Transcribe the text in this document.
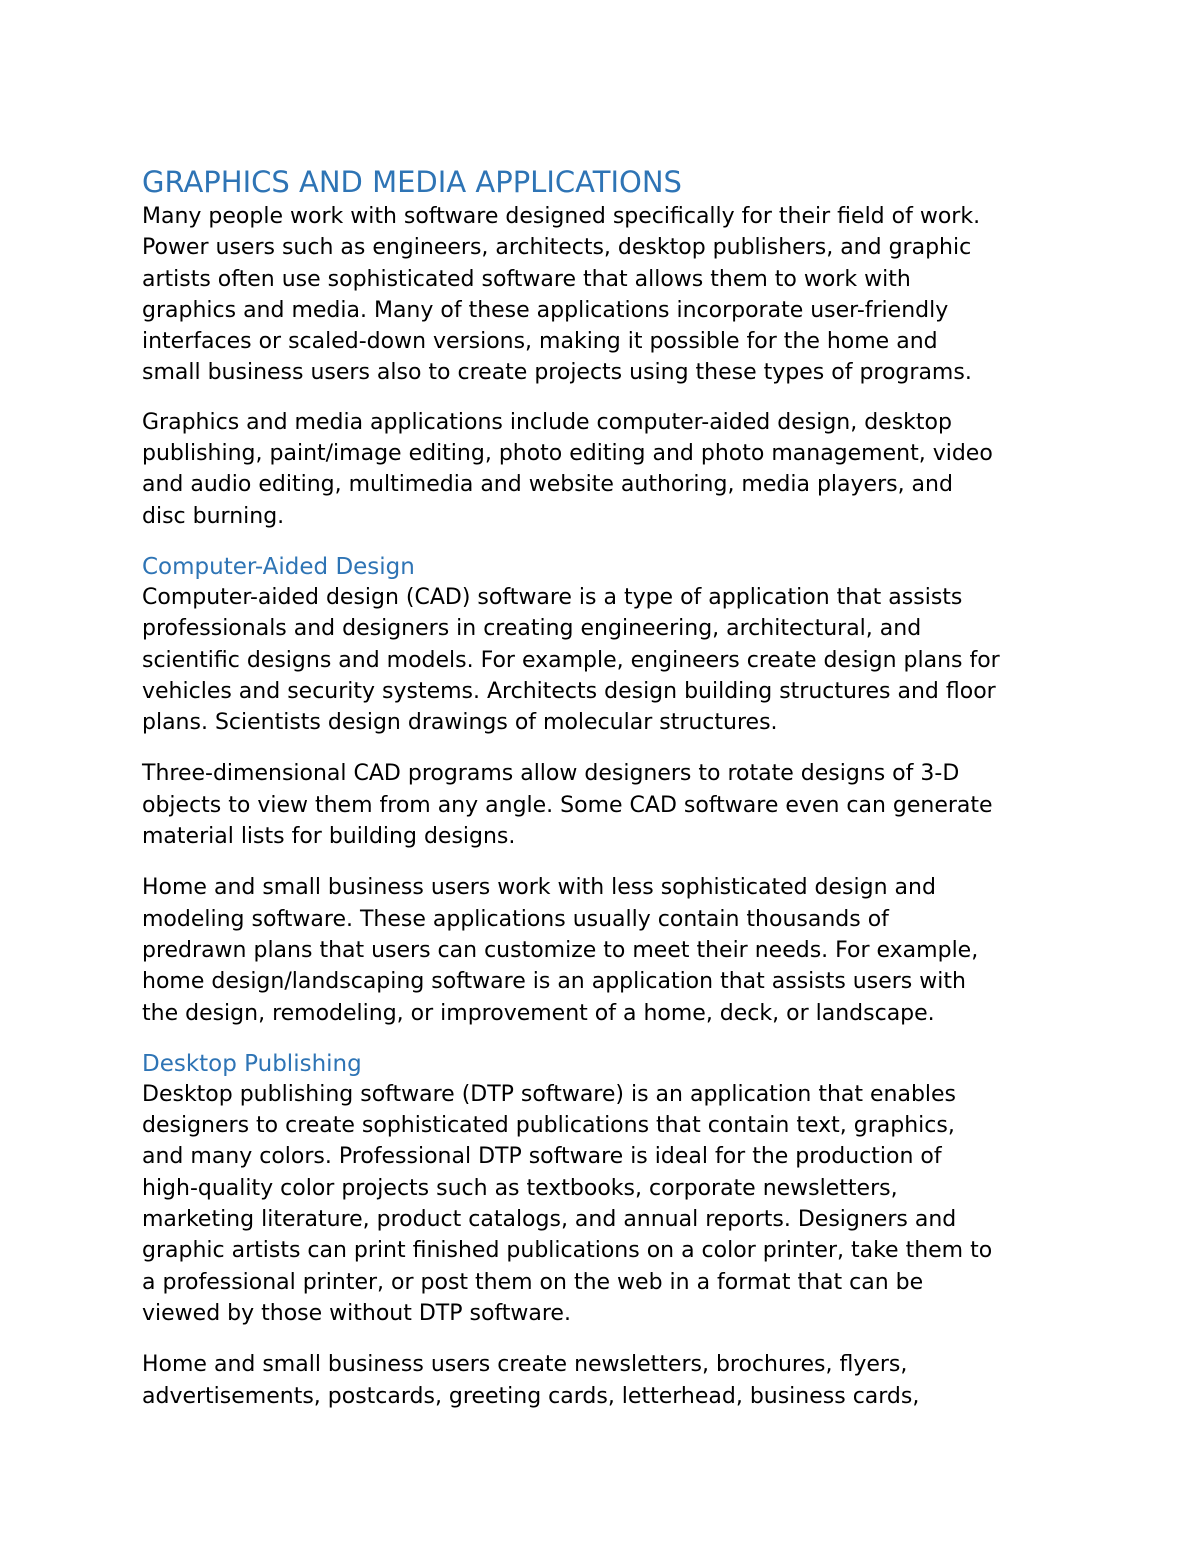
GRAPHICS AND MEDIA APPLICATIONS
Many people work with software designed specifically for their field of work.
Power users such as engineers, architects, desktop publishers, and graphic
artists often use sophisticated software that allows them to work with
graphics and media. Many of these applications incorporate user-friendly
interfaces or scaled-down versions, making it possible for the home and
small business users also to create projects using these types of programs.
Graphics and media applications include computer-aided design, desktop
publishing, paint/image editing, photo editing and photo management, video
and audio editing, multimedia and website authoring, media players, and
disc burning.
Computer-Aided Design
Computer-aided design (CAD) software is a type of application that assists
professionals and designers in creating engineering, architectural, and
scientific designs and models. For example, engineers create design plans for
vehicles and security systems. Architects design building structures and floor
plans. Scientists design drawings of molecular structures.
Three-dimensional CAD programs allow designers to rotate designs of 3-D
objects to view them from any angle. Some CAD software even can generate
material lists for building designs.
Home and small business users work with less sophisticated design and
modeling software. These applications usually contain thousands of
predrawn plans that users can customize to meet their needs. For example,
home design/landscaping software is an application that assists users with
the design, remodeling, or improvement of a home, deck, or landscape.
Desktop Publishing
Desktop publishing software (DTP software) is an application that enables
designers to create sophisticated publications that contain text, graphics,
and many colors. Professional DTP software is ideal for the production of
high-quality color projects such as textbooks, corporate newsletters,
marketing literature, product catalogs, and annual reports. Designers and
graphic artists can print finished publications on a color printer, take them to
a professional printer, or post them on the web in a format that can be
viewed by those without DTP software.
Home and small business users create newsletters, brochures, flyers,
advertisements, postcards, greeting cards, letterhead, business cards,
